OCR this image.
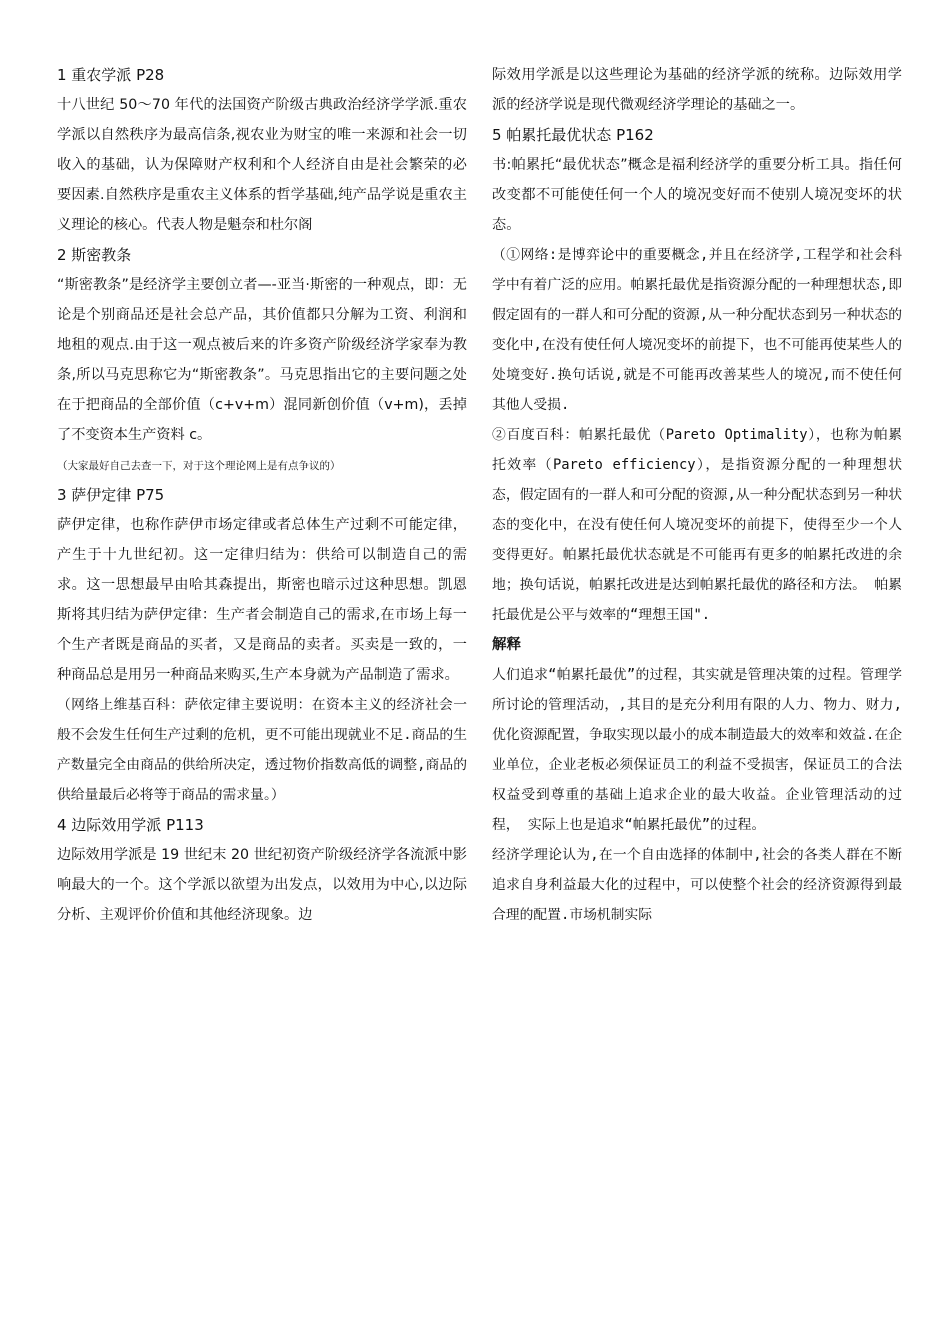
1 重农学派 P28

十八世纪 50～70 年代的法国资产阶级古典政治经济学学派.重农学派以自然秩序为最高信条,视农业为财宝的唯一来源和社会一切收入的基础，认为保障财产权利和个人经济自由是社会繁荣的必要因素.自然秩序是重农主义体系的哲学基础,纯产品学说是重农主义理论的核心。代表人物是魁奈和杜尔阁

2 斯密教条

“斯密教条”是经济学主要创立者—-亚当·斯密的一种观点，即：无论是个别商品还是社会总产品，其价值都只分解为工资、利润和地租的观点.由于这一观点被后来的许多资产阶级经济学家奉为教条,所以马克思称它为“斯密教条”。马克思指出它的主要问题之处在于把商品的全部价值（c+v+m）混同新创价值（v+m)，丢掉了不变资本生产资料 c。

（大家最好自己去查一下，对于这个理论网上是有点争议的）

3 萨伊定律 P75

萨伊定律，也称作萨伊市场定律或者总体生产过剩不可能定律，产生于十九世纪初。这一定律归结为：供给可以制造自己的需求。这一思想最早由哈其森提出，斯密也暗示过这种思想。凯恩斯将其归结为萨伊定律：生产者会制造自己的需求,在市场上每一个生产者既是商品的买者，又是商品的卖者。买卖是一致的，一种商品总是用另一种商品来购买,生产本身就为产品制造了需求。

（网络上维基百科：萨依定律主要说明：在资本主义的经济社会一般不会发生任何生产过剩的危机，更不可能出现就业不足.商品的生产数量完全由商品的供给所决定，透过物价指数高低的调整,商品的供给量最后必将等于商品的需求量。）

4 边际效用学派 P113

边际效用学派是 19 世纪末 20 世纪初资产阶级经济学各流派中影响最大的一个。这个学派以欲望为出发点，以效用为中心,以边际分析、主观评价价值和其他经济现象。边

际效用学派是以这些理论为基础的经济学派的统称。边际效用学派的经济学说是现代微观经济学理论的基础之一。

5 帕累托最优状态 P162

书:帕累托“最优状态”概念是福利经济学的重要分析工具。指任何改变都不可能使任何一个人的境况变好而不使别人境况变坏的状态。

（①网络:是博弈论中的重要概念,并且在经济学,工程学和社会科学中有着广泛的应用。帕累托最优是指资源分配的一种理想状态,即假定固有的一群人和可分配的资源,从一种分配状态到另一种状态的变化中,在没有使任何人境况变坏的前提下，也不可能再使某些人的处境变好.换句话说,就是不可能再改善某些人的境况,而不使任何其他人受损.

②百度百科：帕累托最优（Pareto Optimality），也称为帕累托效率（Pareto efficiency），是指资源分配的一种理想状态，假定固有的一群人和可分配的资源,从一种分配状态到另一种状态的变化中，在没有使任何人境况变坏的前提下，使得至少一个人变得更好。帕累托最优状态就是不可能再有更多的帕累托改进的余地；换句话说，帕累托改进是达到帕累托最优的路径和方法。 帕累托最优是公平与效率的“理想王国".

解释

人们追求“帕累托最优”的过程，其实就是管理决策的过程。管理学所讨论的管理活动，,其目的是充分利用有限的人力、物力、财力,优化资源配置，争取实现以最小的成本制造最大的效率和效益.在企业单位，企业老板必须保证员工的利益不受损害，保证员工的合法权益受到尊重的基础上追求企业的最大收益。企业管理活动的过程， 实际上也是追求“帕累托最优”的过程。

经济学理论认为,在一个自由选择的体制中,社会的各类人群在不断追求自身利益最大化的过程中，可以使整个社会的经济资源得到最合理的配置.市场机制实际
